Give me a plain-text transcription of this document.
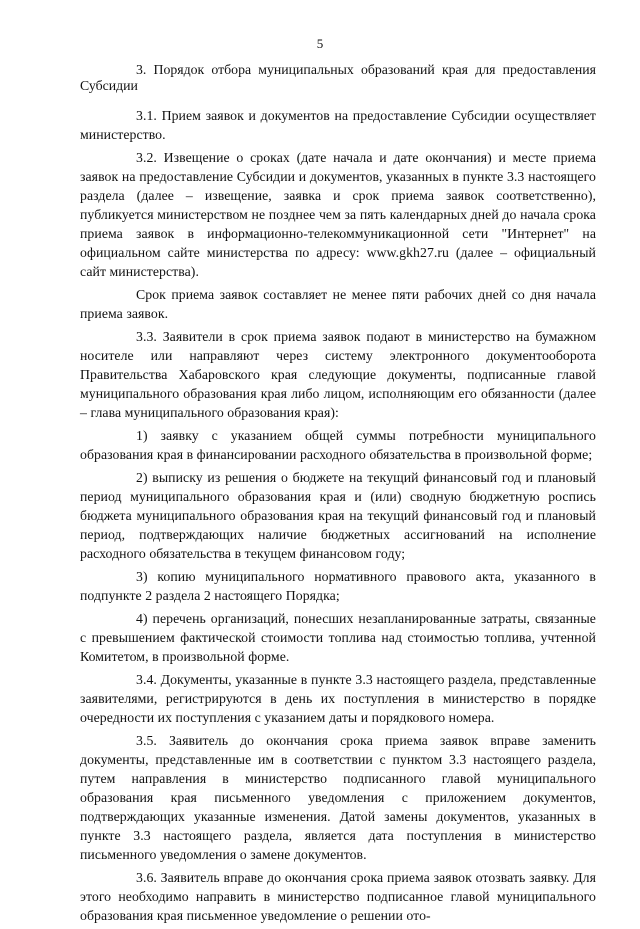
5

3. Порядок отбора муниципальных образований края для предоставления Субсидии

3.1. Прием заявок и документов на предоставление Субсидии осуществляет министерство.

3.2. Извещение о сроках (дате начала и дате окончания) и месте приема заявок на предоставление Субсидии и документов, указанных в пункте 3.3 настоящего раздела (далее – извещение, заявка и срок приема заявок соответственно), публикуется министерством не позднее чем за пять календарных дней до начала срока приема заявок в информационно-телекоммуникационной сети "Интернет" на официальном сайте министерства по адресу: www.gkh27.ru (далее – официальный сайт министерства).

Срок приема заявок составляет не менее пяти рабочих дней со дня начала приема заявок.

3.3. Заявители в срок приема заявок подают в министерство на бумажном носителе или направляют через систему электронного документооборота Правительства Хабаровского края следующие документы, подписанные главой муниципального образования края либо лицом, исполняющим его обязанности (далее – глава муниципального образования края):

1) заявку с указанием общей суммы потребности муниципального образования края в финансировании расходного обязательства в произвольной форме;

2) выписку из решения о бюджете на текущий финансовый год и плановый период муниципального образования края и (или) сводную бюджетную роспись бюджета муниципального образования края на текущий финансовый год и плановый период, подтверждающих наличие бюджетных ассигнований на исполнение расходного обязательства в текущем финансовом году;

3) копию муниципального нормативного правового акта, указанного в подпункте 2 раздела 2 настоящего Порядка;

4) перечень организаций, понесших незапланированные затраты, связанные с превышением фактической стоимости топлива над стоимостью топлива, учтенной Комитетом, в произвольной форме.

3.4. Документы, указанные в пункте 3.3 настоящего раздела, представленные заявителями, регистрируются в день их поступления в министерство в порядке очередности их поступления с указанием даты и порядкового номера.

3.5. Заявитель до окончания срока приема заявок вправе заменить документы, представленные им в соответствии с пунктом 3.3 настоящего раздела, путем направления в министерство подписанного главой муниципального образования края письменного уведомления с приложением документов, подтверждающих указанные изменения. Датой замены документов, указанных в пункте 3.3 настоящего раздела, является дата поступления в министерство письменного уведомления о замене документов.

3.6. Заявитель вправе до окончания срока приема заявок отозвать заявку. Для этого необходимо направить в министерство подписанное главой муниципального образования края письменное уведомление о решении ото-
